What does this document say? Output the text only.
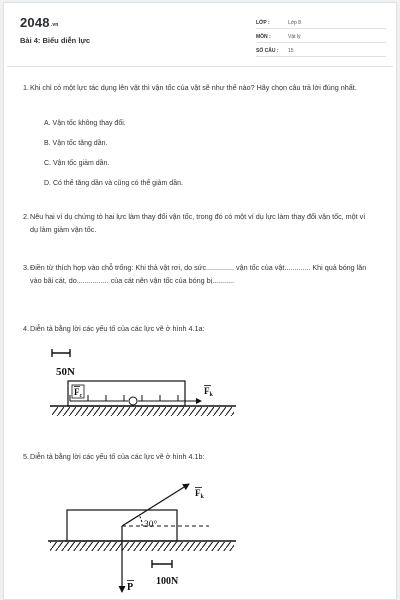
$2048_{.vn}$
Bài 4: Biểu diễn lực
LỚP :	Lớp 8
MÔN :	Vật lý
SỐ CÂU : 15
1. Khi chỉ có một lực tác dụng lên vật thì vận tốc của vật sẽ như thế nào? Hãy chọn câu trả lời đúng nhất.
A. Vận tốc không thay đổi.
B. Vận tốc tăng dần.
C. Vận tốc giảm dần.
D. Có thể tăng dần và cũng có thể giảm dần.
2. Nêu hai ví dụ chứng tỏ hai lực làm thay đổi vận tốc, trong đó có một ví dụ lực làm thay đổi vận tốc, một ví dụ làm giảm vận tốc.
3. Điền từ thích hợp vào chỗ trống: Khi thả vật rơi, do sức.............. vận tốc của vật............. Khi quả bóng lăn vào bãi cát, do................ của cát nên vận tốc của bóng bị...........
4. Diễn tả bằng lời các yếu tố của các lực vẽ ở hình 4.1a:
50N
$F_c$	$F_k$
5. Diễn tả bằng lời các yếu tố của các lực vẽ ở hình 4.1b:
30°
$F_k$
P
100N
